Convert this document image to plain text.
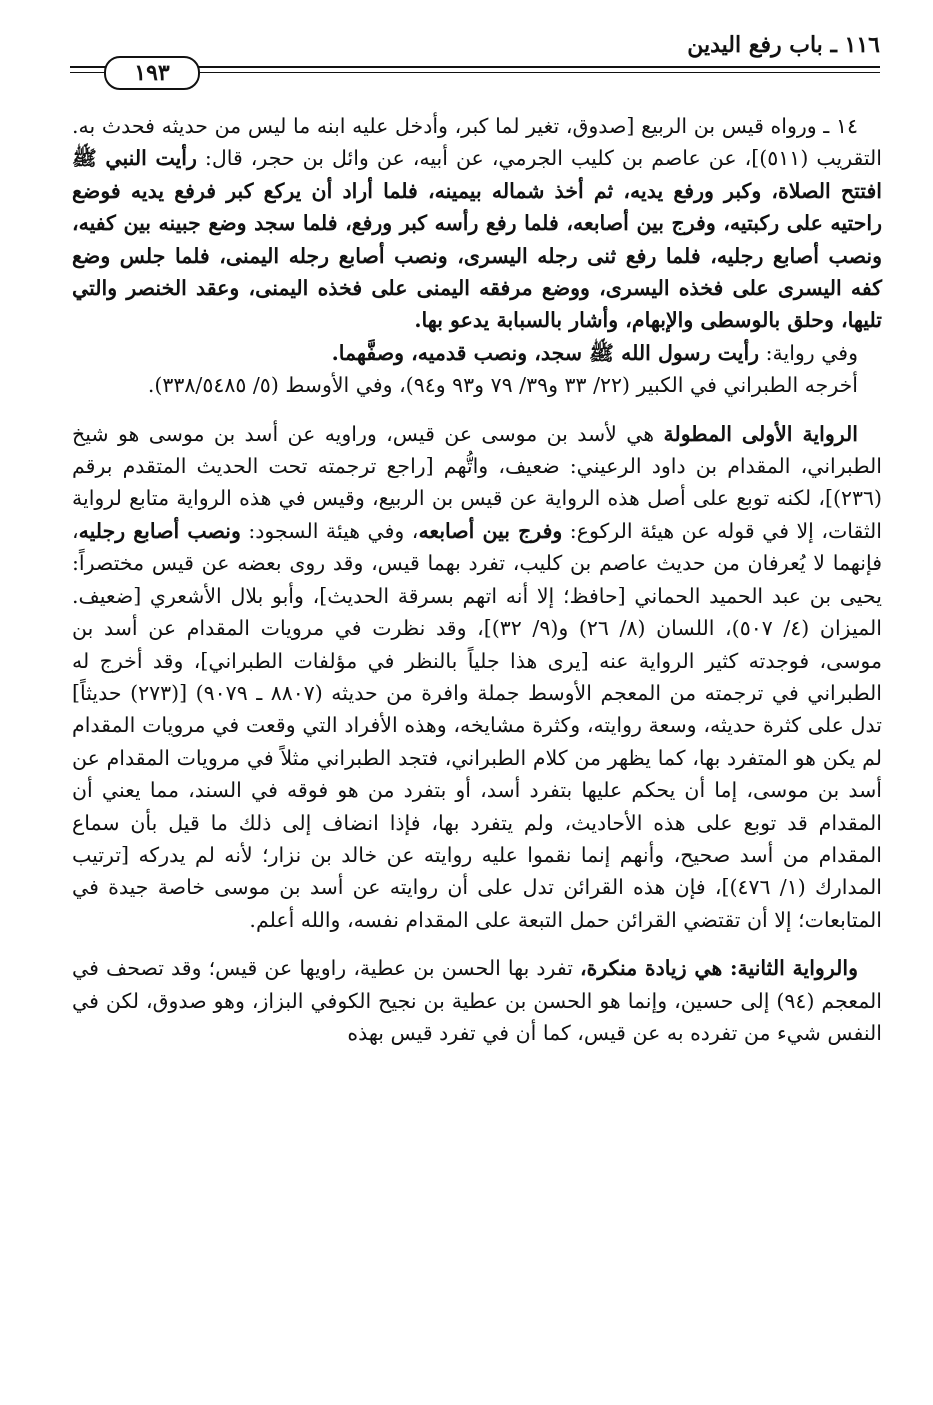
١١٦ ـ باب رفع اليدين
١٩٣

١٤ ـ ورواه قيس بن الربيع [صدوق، تغير لما كبر، وأدخل عليه ابنه ما ليس من حديثه فحدث به. التقريب (٥١١)]، عن عاصم بن كليب الجرمي، عن أبيه، عن وائل بن حجر، قال: رأيت النبي ﷺ افتتح الصلاة، وكبر ورفع يديه، ثم أخذ شماله بيمينه، فلما أراد أن يركع كبر فرفع يديه فوضع راحتيه على ركبتيه، وفرج بين أصابعه، فلما رفع رأسه كبر ورفع، فلما سجد وضع جبينه بين كفيه، ونصب أصابع رجليه، فلما رفع ثنى رجله اليسرى، ونصب أصابع رجله اليمنى، فلما جلس وضع كفه اليسرى على فخذه اليسرى، ووضع مرفقه اليمنى على فخذه اليمنى، وعقد الخنصر والتي تليها، وحلق بالوسطى والإبهام، وأشار بالسبابة يدعو بها.

وفي رواية: رأيت رسول الله ﷺ سجد، ونصب قدميه، وصفَّهما.

أخرجه الطبراني في الكبير (٢٢/ ٣٣ و٣٩/ ٧٩ و٩٣ و٩٤)، وفي الأوسط (٥/ ٣٣٨/٥٤٨٥).

الرواية الأولى المطولة هي لأسد بن موسى عن قيس، وراويه عن أسد بن موسى هو شيخ الطبراني، المقدام بن داود الرعيني: ضعيف، واتُّهم [راجع ترجمته تحت الحديث المتقدم برقم (٢٣٦)]، لكنه توبع على أصل هذه الرواية عن قيس بن الربيع، وقيس في هذه الرواية متابع لرواية الثقات، إلا في قوله عن هيئة الركوع: وفرج بين أصابعه، وفي هيئة السجود: ونصب أصابع رجليه، فإنهما لا يُعرفان من حديث عاصم بن كليب، تفرد بهما قيس، وقد روى بعضه عن قيس مختصراً: يحيى بن عبد الحميد الحماني [حافظ؛ إلا أنه اتهم بسرقة الحديث]، وأبو بلال الأشعري [ضعيف. الميزان (٤/ ٥٠٧)، اللسان (٨/ ٢٦) و(٩/ ٣٢)]، وقد نظرت في مرويات المقدام عن أسد بن موسى، فوجدته كثير الرواية عنه [يرى هذا جلياً بالنظر في مؤلفات الطبراني]، وقد أخرج له الطبراني في ترجمته من المعجم الأوسط جملة وافرة من حديثه (٨٨٠٧ ـ ٩٠٧٩) [(٢٧٣) حديثاً] تدل على كثرة حديثه، وسعة روايته، وكثرة مشايخه، وهذه الأفراد التي وقعت في مرويات المقدام لم يكن هو المتفرد بها، كما يظهر من كلام الطبراني، فتجد الطبراني مثلاً في مرويات المقدام عن أسد بن موسى، إما أن يحكم عليها بتفرد أسد، أو بتفرد من هو فوقه في السند، مما يعني أن المقدام قد توبع على هذه الأحاديث، ولم يتفرد بها، فإذا انضاف إلى ذلك ما قيل بأن سماع المقدام من أسد صحيح، وأنهم إنما نقموا عليه روايته عن خالد بن نزار؛ لأنه لم يدركه [ترتيب المدارك (١/ ٤٧٦)]، فإن هذه القرائن تدل على أن روايته عن أسد بن موسى خاصة جيدة في المتابعات؛ إلا أن تقتضي القرائن حمل التبعة على المقدام نفسه، والله أعلم.

والرواية الثانية: هي زيادة منكرة، تفرد بها الحسن بن عطية، راويها عن قيس؛ وقد تصحف في المعجم (٩٤) إلى حسين، وإنما هو الحسن بن عطية بن نجيح الكوفي البزاز، وهو صدوق، لكن في النفس شيء من تفرده به عن قيس، كما أن في تفرد قيس بهذه
